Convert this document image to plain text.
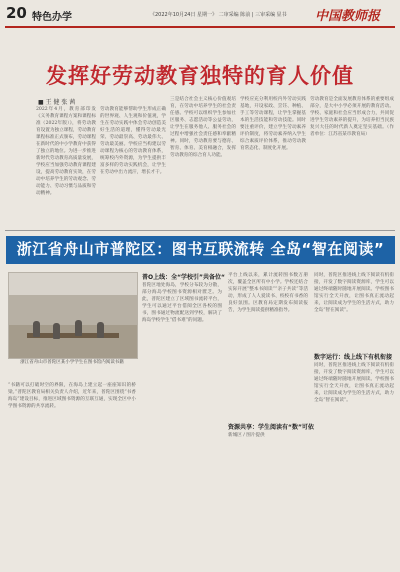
20 特色办学	《2022年10月24日 星期一》 二审采编 陈前 | 三审采编 显书 中国教师报
发挥好劳动教育独特的育人价值
■ 王 健 张 茜
2022年4月，教育部印发《义务教育课程方案和课程标准（2022年版）》，将劳动教育设置为独立课程，劳动教育课程标准正式颁布，劳动课程在新时代的中小学教育中获得了独立的地位。为进一步推进新时代劳动教育高质量发展，学校应当加强劳动教育课程建设，提高劳动教育实效，在劳动中培养学生的劳动观念、劳动能力、劳动习惯与品质和劳动精神。
劳动教育能够帮助学生形成正确的世界观、人生观和价值观，学生在劳动实践中体会劳动创造美好生活的道理，懂得劳动最光荣、劳动最崇高、劳动最伟大、劳动最美丽。学校应当构建以劳动课程为核心的劳动教育体系，统筹校内外资源，为学生提供丰富多样的劳动实践机会，让学生在劳动中出力流汗，增长才干。
三是结合社会主义核心价值观培育，在劳动中培养学生的社会责任感。学校可以组织学生参加社区服务、志愿活动等公益劳动，让学生在服务他人、服务社会的过程中增强社会责任感和奉献精神。同时，劳动教育要与德育、智育、体育、美育相融合，发挥劳动教育的综合育人功能。
学校应充分利用校内外劳动实践基地，开设家政、烹饪、种植、手工等劳动课程，让学生掌握基本的生活技能和劳动技能。同时要注重评价，建立学生劳动素养评价制度，将劳动素养纳入学生综合素质评价体系，推动劳动教育常态化、制度化开展。
劳动教育是全面发展教育体系的重要组成部分，是大中小学必须开展的教育活动。学校、家庭和社会应当形成合力，共同促进学生劳动素养的提升，为培养担当民族复兴大任的时代新人奠定坚实基础。（作者单位：江苏省某市教育局）
浙江省舟山市普陀区：图书互联流转 全岛“智在阅读”
浙江省舟山市普陀区某小学学生在图书馆内阅读书籍
“书籍可以打破时空的界限，在海岛上建立起一座座知识的桥梁。”普陀区教育局相关负责人介绍，近年来，普陀区围绕“书香海岛”建设目标，推进区域图书资源的互联互通，实现全区中小学图书资源的共享流转。
普O上线：全“学校引”共备位“
普陀区地处海岛，学校分布较为分散，部分海岛学校图书资源相对匮乏。为此，普陀区建立了区域图书流转平台，学生可以通过平台借阅全区各校的图书，图书通过物流配送到学校，解决了海岛学校学生“借书难”的问题。
平台上线以来，累计流转图书数万册次，覆盖全区所有中小学。学校还结合实际开展“整本书阅读”“亲子共读”等活动，形成了人人爱读书、校校有书香的良好氛围。区教育局定期发布阅读报告，为学生阅读提供精准指导。
资源共享：学生阅读有“数”可依
新城区 / 图片提供
数字运行：线上线下有机衔接
同时，普陀区推进线上线下阅读有机衔接，开发了数字阅读资源库，学生可以通过终端随时随地开展阅读。学校图书馆实行全天开放，让图书真正流动起来，让阅读成为学生的生活方式，助力全岛“智在阅读”。
同时，普陀区推进线上线下阅读有机衔接，开发了数字阅读资源库，学生可以通过终端随时随地开展阅读。学校图书馆实行全天开放，让图书真正流动起来，让阅读成为学生的生活方式，助力全岛“智在阅读”。
